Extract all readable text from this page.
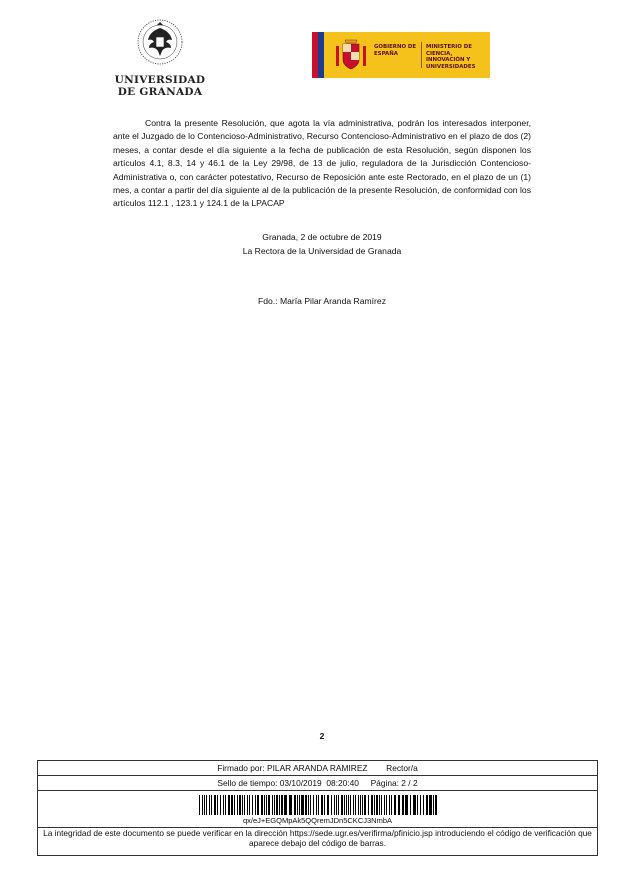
UNIVERSIDAD
DE GRANADA
GOBIERNO DE ESPAÑA
MINISTERIO DE CIENCIA, INNOVACIÓN Y UNIVERSIDADES
Contra la presente Resolución, que agota la vía administrativa, podrán los interesados interponer, ante el Juzgado de lo Contencioso-Administrativo, Recurso Contencioso-Administrativo en el plazo de dos (2) meses, a contar desde el día siguiente a la fecha de publicación de esta Resolución, según disponen los artículos 4.1, 8.3, 14 y 46.1 de la Ley 29/98, de 13 de julio, reguladora de la Jurisdicción Contencioso-Administrativa o, con carácter potestativo, Recurso de Reposición ante este Rectorado, en el plazo de un (1) mes, a contar a partir del día siguiente al de la publicación de la presente Resolución, de conformidad con los artículos 112.1 , 123.1 y 124.1 de la LPACAP
Granada, 2 de octubre de 2019
La Rectora de la Universidad de Granada
Fdo.: María Pilar Aranda Ramírez
2
Firmado por: PILAR ARANDA RAMIREZ        Rector/a
Sello de tiempo: 03/10/2019  08:20:40     Página: 2 / 2
qx/eJ+EGQMpAk5QQremJDn5CKCJ3NmbA
La integridad de este documento se puede verificar en la dirección https://sede.ugr.es/verifirma/pfinicio.jsp introduciendo el código de verificación que aparece debajo del código de barras.
